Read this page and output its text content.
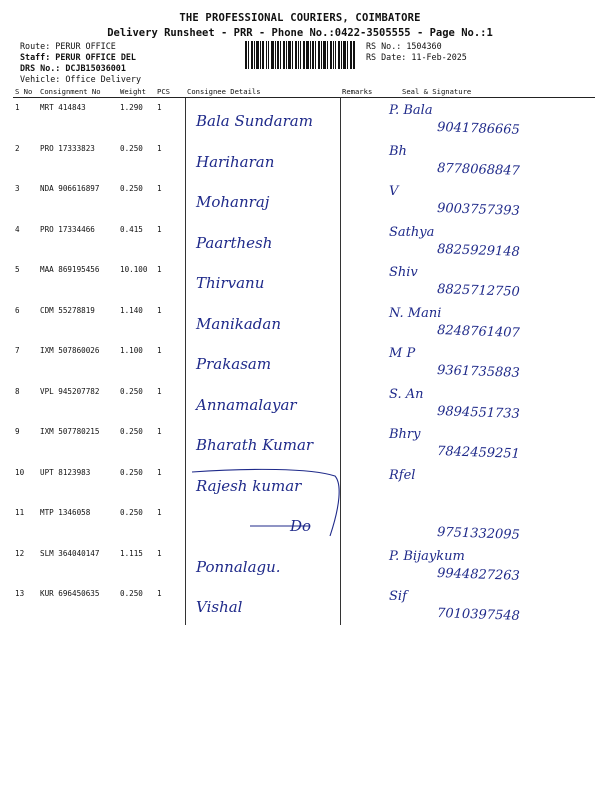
THE PROFESSIONAL COURIERS, COIMBATORE
Delivery Runsheet - PRR - Phone No.:0422-3505555 - Page No.:1
Route: PERUR OFFICE
Staff: PERUR OFFICE DEL
DRS No.: DCJB15036001
Vehicle: Office Delivery
RS No.: 1504360
RS Date: 11-Feb-2025
S No	Consignment No	Weight	PCS	Consignee Details	Remarks	Seal & Signature
1	MRT 414843	1.290	1	Bala Sundaram		P. Bala
9041786665

2	PRO 17333823	0.250	1	Hariharan		Bh
8778068847

3	NDA 906616897	0.250	1	Mohanraj		V
9003757393

4	PRO 17334466	0.415	1	Paarthesh		Sathya
8825929148

5	MAA 869195456	10.100	1	Thirvanu		Shiv
8825712750

6	CDM 55278819	1.140	1	Manikadan		N. Mani
8248761407

7	IXM 507860026	1.100	1	Prakasam		M P
9361735883

8	VPL 945207782	0.250	1	Annamalayar		S. An
9894551733

9	IXM 507780215	0.250	1	Bharath Kumar		Bhry
7842459251

10	UPT 8123983	0.250	1	Rajesh kumar		Rfel

11	MTP 1346058	0.250	1	Do		9751332095

12	SLM 364040147	1.115	1	Ponnalagu.		P. Bijaykum
9944827263

13	KUR 696450635	0.250	1	Vishal		Sif
7010397548
